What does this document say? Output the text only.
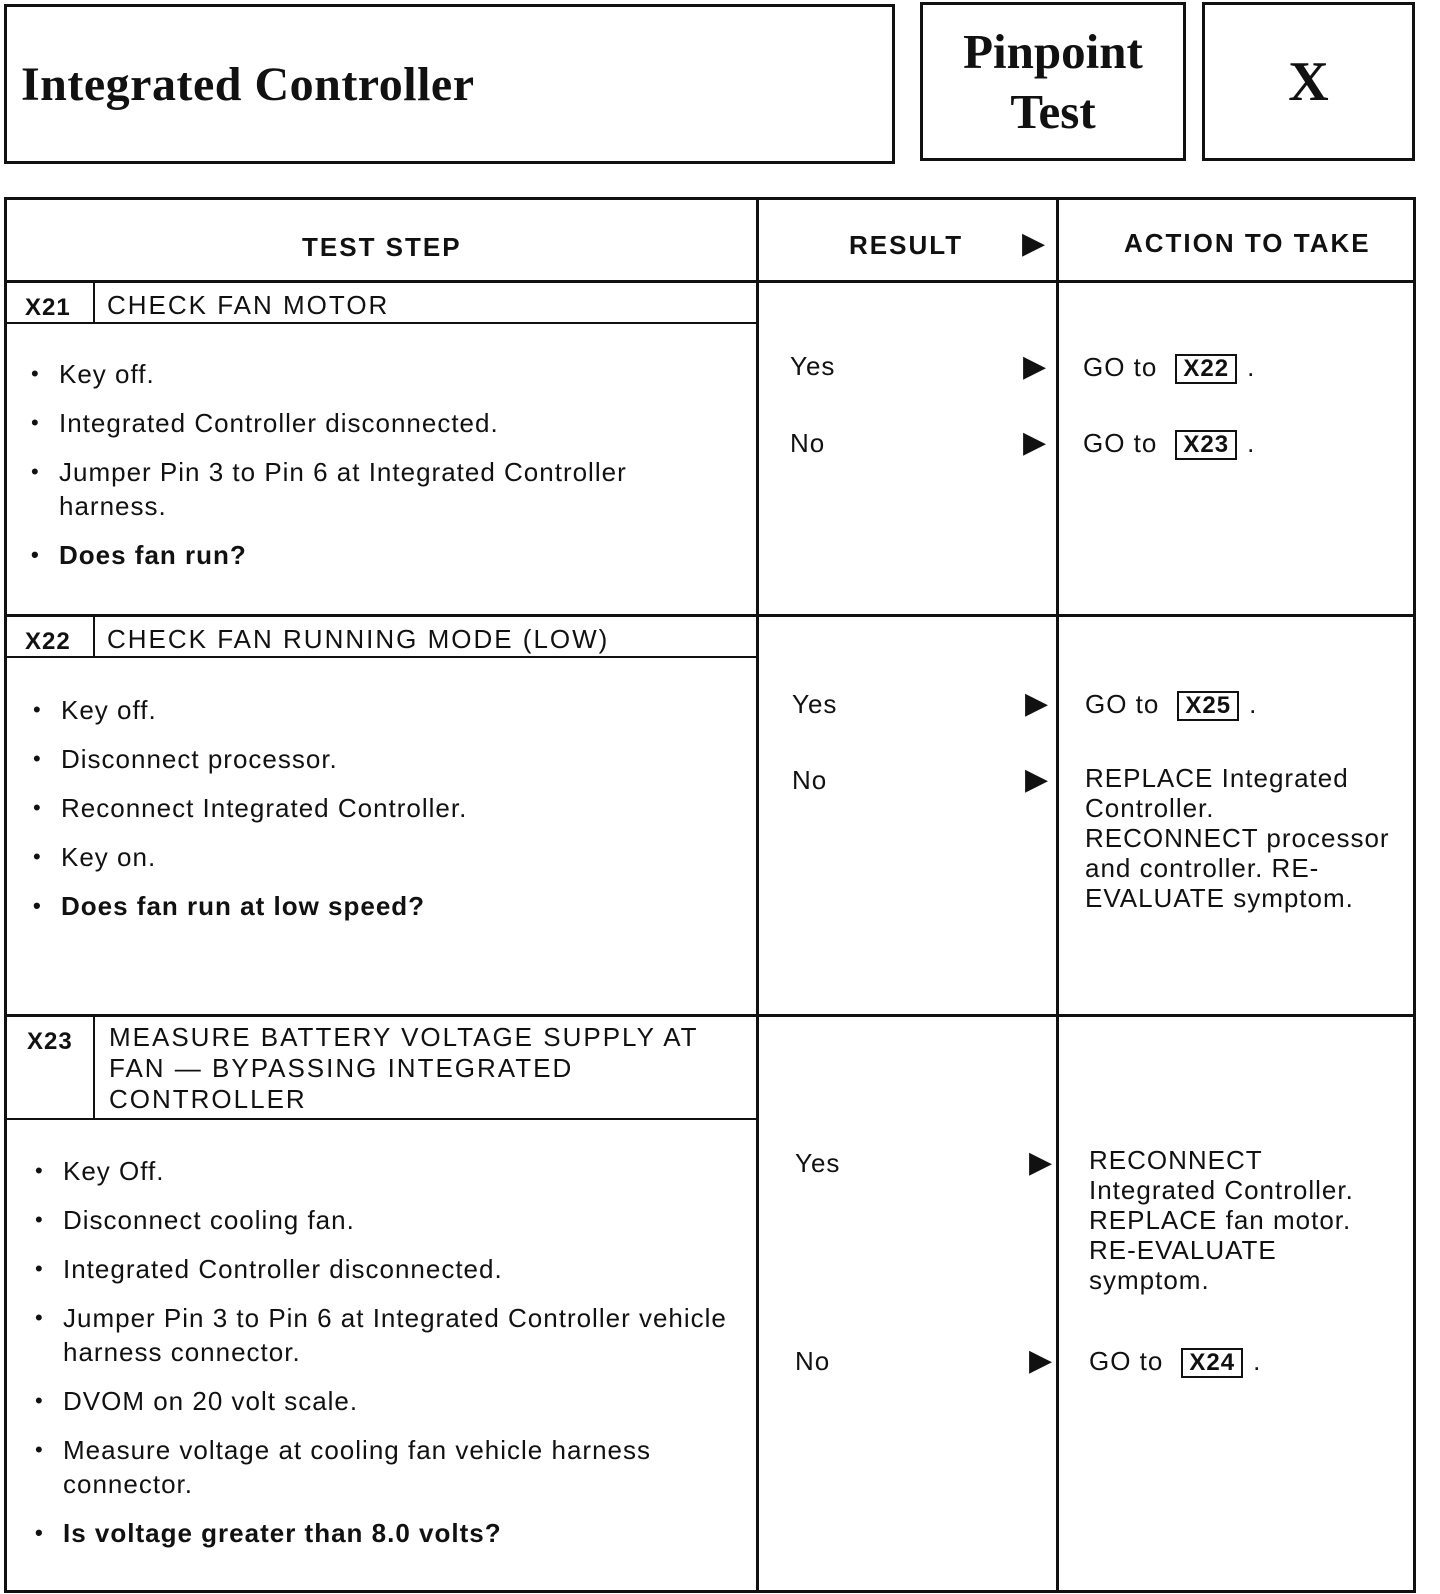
Integrated Controller
Pinpoint
Test	X
TEST STEP	RESULT ▶	ACTION TO TAKE
X21 CHECK FAN MOTOR
• Key off.
• Integrated Controller disconnected.
• Jumper Pin 3 to Pin 6 at Integrated Controller harness.
• Does fan run?
Yes	▶ GO to X22 .
No	▶ GO to X23 .
X22 CHECK FAN RUNNING MODE (LOW)
• Key off.
• Disconnect processor.
• Reconnect Integrated Controller.
• Key on.
• Does fan run at low speed?
Yes	▶ GO to X25 .
No	▶ REPLACE Integrated
Controller.
RECONNECT processor
and controller. RE-
EVALUATE symptom.
X23 MEASURE BATTERY VOLTAGE SUPPLY AT
FAN — BYPASSING INTEGRATED
CONTROLLER
• Key Off.
• Disconnect cooling fan.
• Integrated Controller disconnected.
• Jumper Pin 3 to Pin 6 at Integrated Controller vehicle harness connector.
• DVOM on 20 volt scale.
• Measure voltage at cooling fan vehicle harness connector.
• Is voltage greater than 8.0 volts?
Yes	▶ RECONNECT
Integrated Controller.
REPLACE fan motor.
RE-EVALUATE
symptom.
No	▶ GO to X24 .
